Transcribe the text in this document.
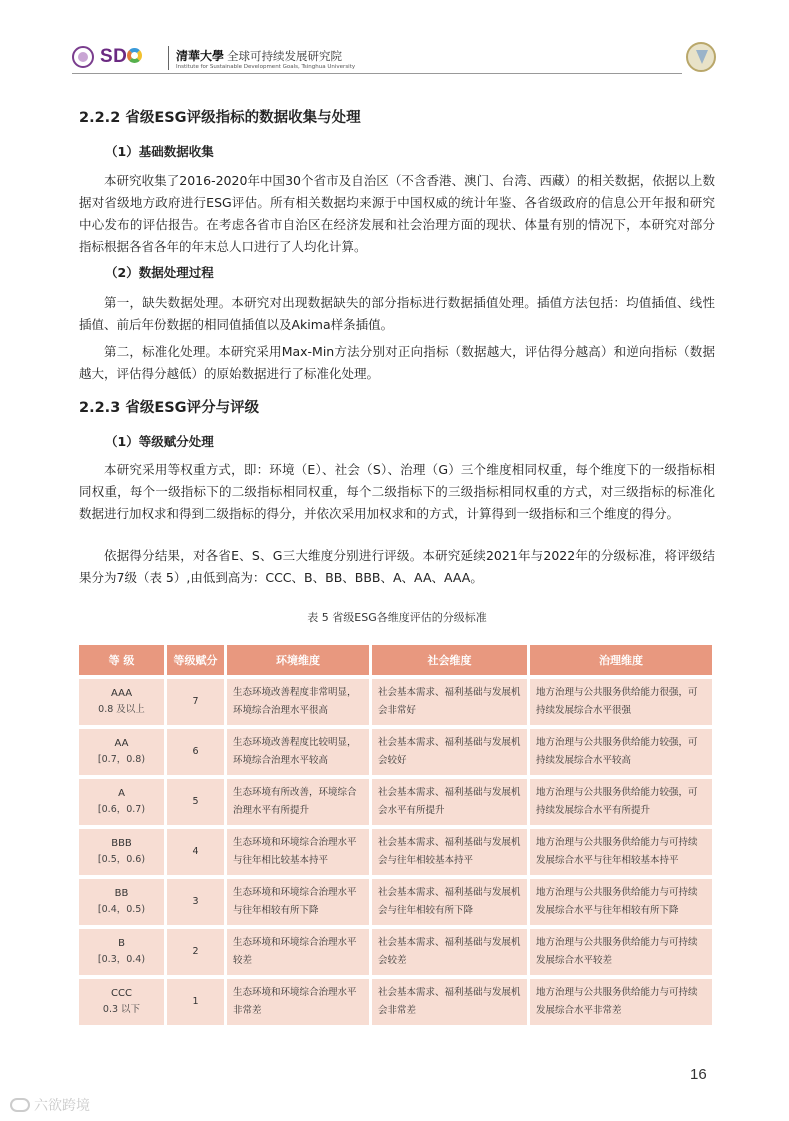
SD	清華大學 全球可持续发展研究院
Institute for Sustainable Development Goals, Tsinghua University
2.2.2 省级ESG评级指标的数据收集与处理
（1）基础数据收集

本研究收集了2016-2020年中国30个省市及自治区（不含香港、澳门、台湾、西藏）的相关数据，依据以上数据对省级地方政府进行ESG评估。所有相关数据均来源于中国权威的统计年鉴、各省级政府的信息公开年报和研究中心发布的评估报告。在考虑各省市自治区在经济发展和社会治理方面的现状、体量有别的情况下，本研究对部分指标根据各省各年的年末总人口进行了人均化计算。

（2）数据处理过程

第一，缺失数据处理。本研究对出现数据缺失的部分指标进行数据插值处理。插值方法包括：均值插值、线性插值、前后年份数据的相同值插值以及Akima样条插值。

第二，标准化处理。本研究采用Max-Min方法分别对正向指标（数据越大，评估得分越高）和逆向指标（数据越大，评估得分越低）的原始数据进行了标准化处理。

2.2.3 省级ESG评分与评级
（1）等级赋分处理

本研究采用等权重方式，即：环境（E）、社会（S）、治理（G）三个维度相同权重，每个维度下的一级指标相同权重，每个一级指标下的二级指标相同权重，每个二级指标下的三级指标相同权重的方式，对三级指标的标准化数据进行加权求和得到二级指标的得分，并依次采用加权求和的方式，计算得到一级指标和三个维度的得分。

依据得分结果，对各省E、S、G三大维度分别进行评级。本研究延续2021年与2022年的分级标准，将评级结果分为7级（表 5）,由低到高为：CCC、B、BB、BBB、A、AA、AAA。

表 5 省级ESG各维度评估的分级标准
等 级	等级赋分	环境维度	社会维度	治理维度

AAA
0.8 及以上	7	生态环境改善程度非常明显，环境综合治理水平很高	社会基本需求、福利基础与发展机会非常好	地方治理与公共服务供给能力很强，可持续发展综合水平很强

AA
[0.7，0.8)	6	生态环境改善程度比较明显，环境综合治理水平较高	社会基本需求、福利基础与发展机会较好	地方治理与公共服务供给能力较强，可持续发展综合水平较高

A
[0.6，0.7)	5	生态环境有所改善，环境综合治理水平有所提升	社会基本需求、福利基础与发展机会水平有所提升	地方治理与公共服务供给能力较强，可持续发展综合水平有所提升

BBB
[0.5，0.6)	4	生态环境和环境综合治理水平与往年相比较基本持平	社会基本需求、福利基础与发展机会与往年相较基本持平	地方治理与公共服务供给能力与可持续发展综合水平与往年相较基本持平

BB
[0.4，0.5)	3	生态环境和环境综合治理水平与往年相较有所下降	社会基本需求、福利基础与发展机会与往年相较有所下降	地方治理与公共服务供给能力与可持续发展综合水平与往年相较有所下降

B
[0.3，0.4)	2	生态环境和环境综合治理水平较差	社会基本需求、福利基础与发展机会较差	地方治理与公共服务供给能力与可持续发展综合水平较差

CCC
0.3 以下	1	生态环境和环境综合治理水平非常差	社会基本需求、福利基础与发展机会非常差	地方治理与公共服务供给能力与可持续发展综合水平非常差
16
六欲跨境
